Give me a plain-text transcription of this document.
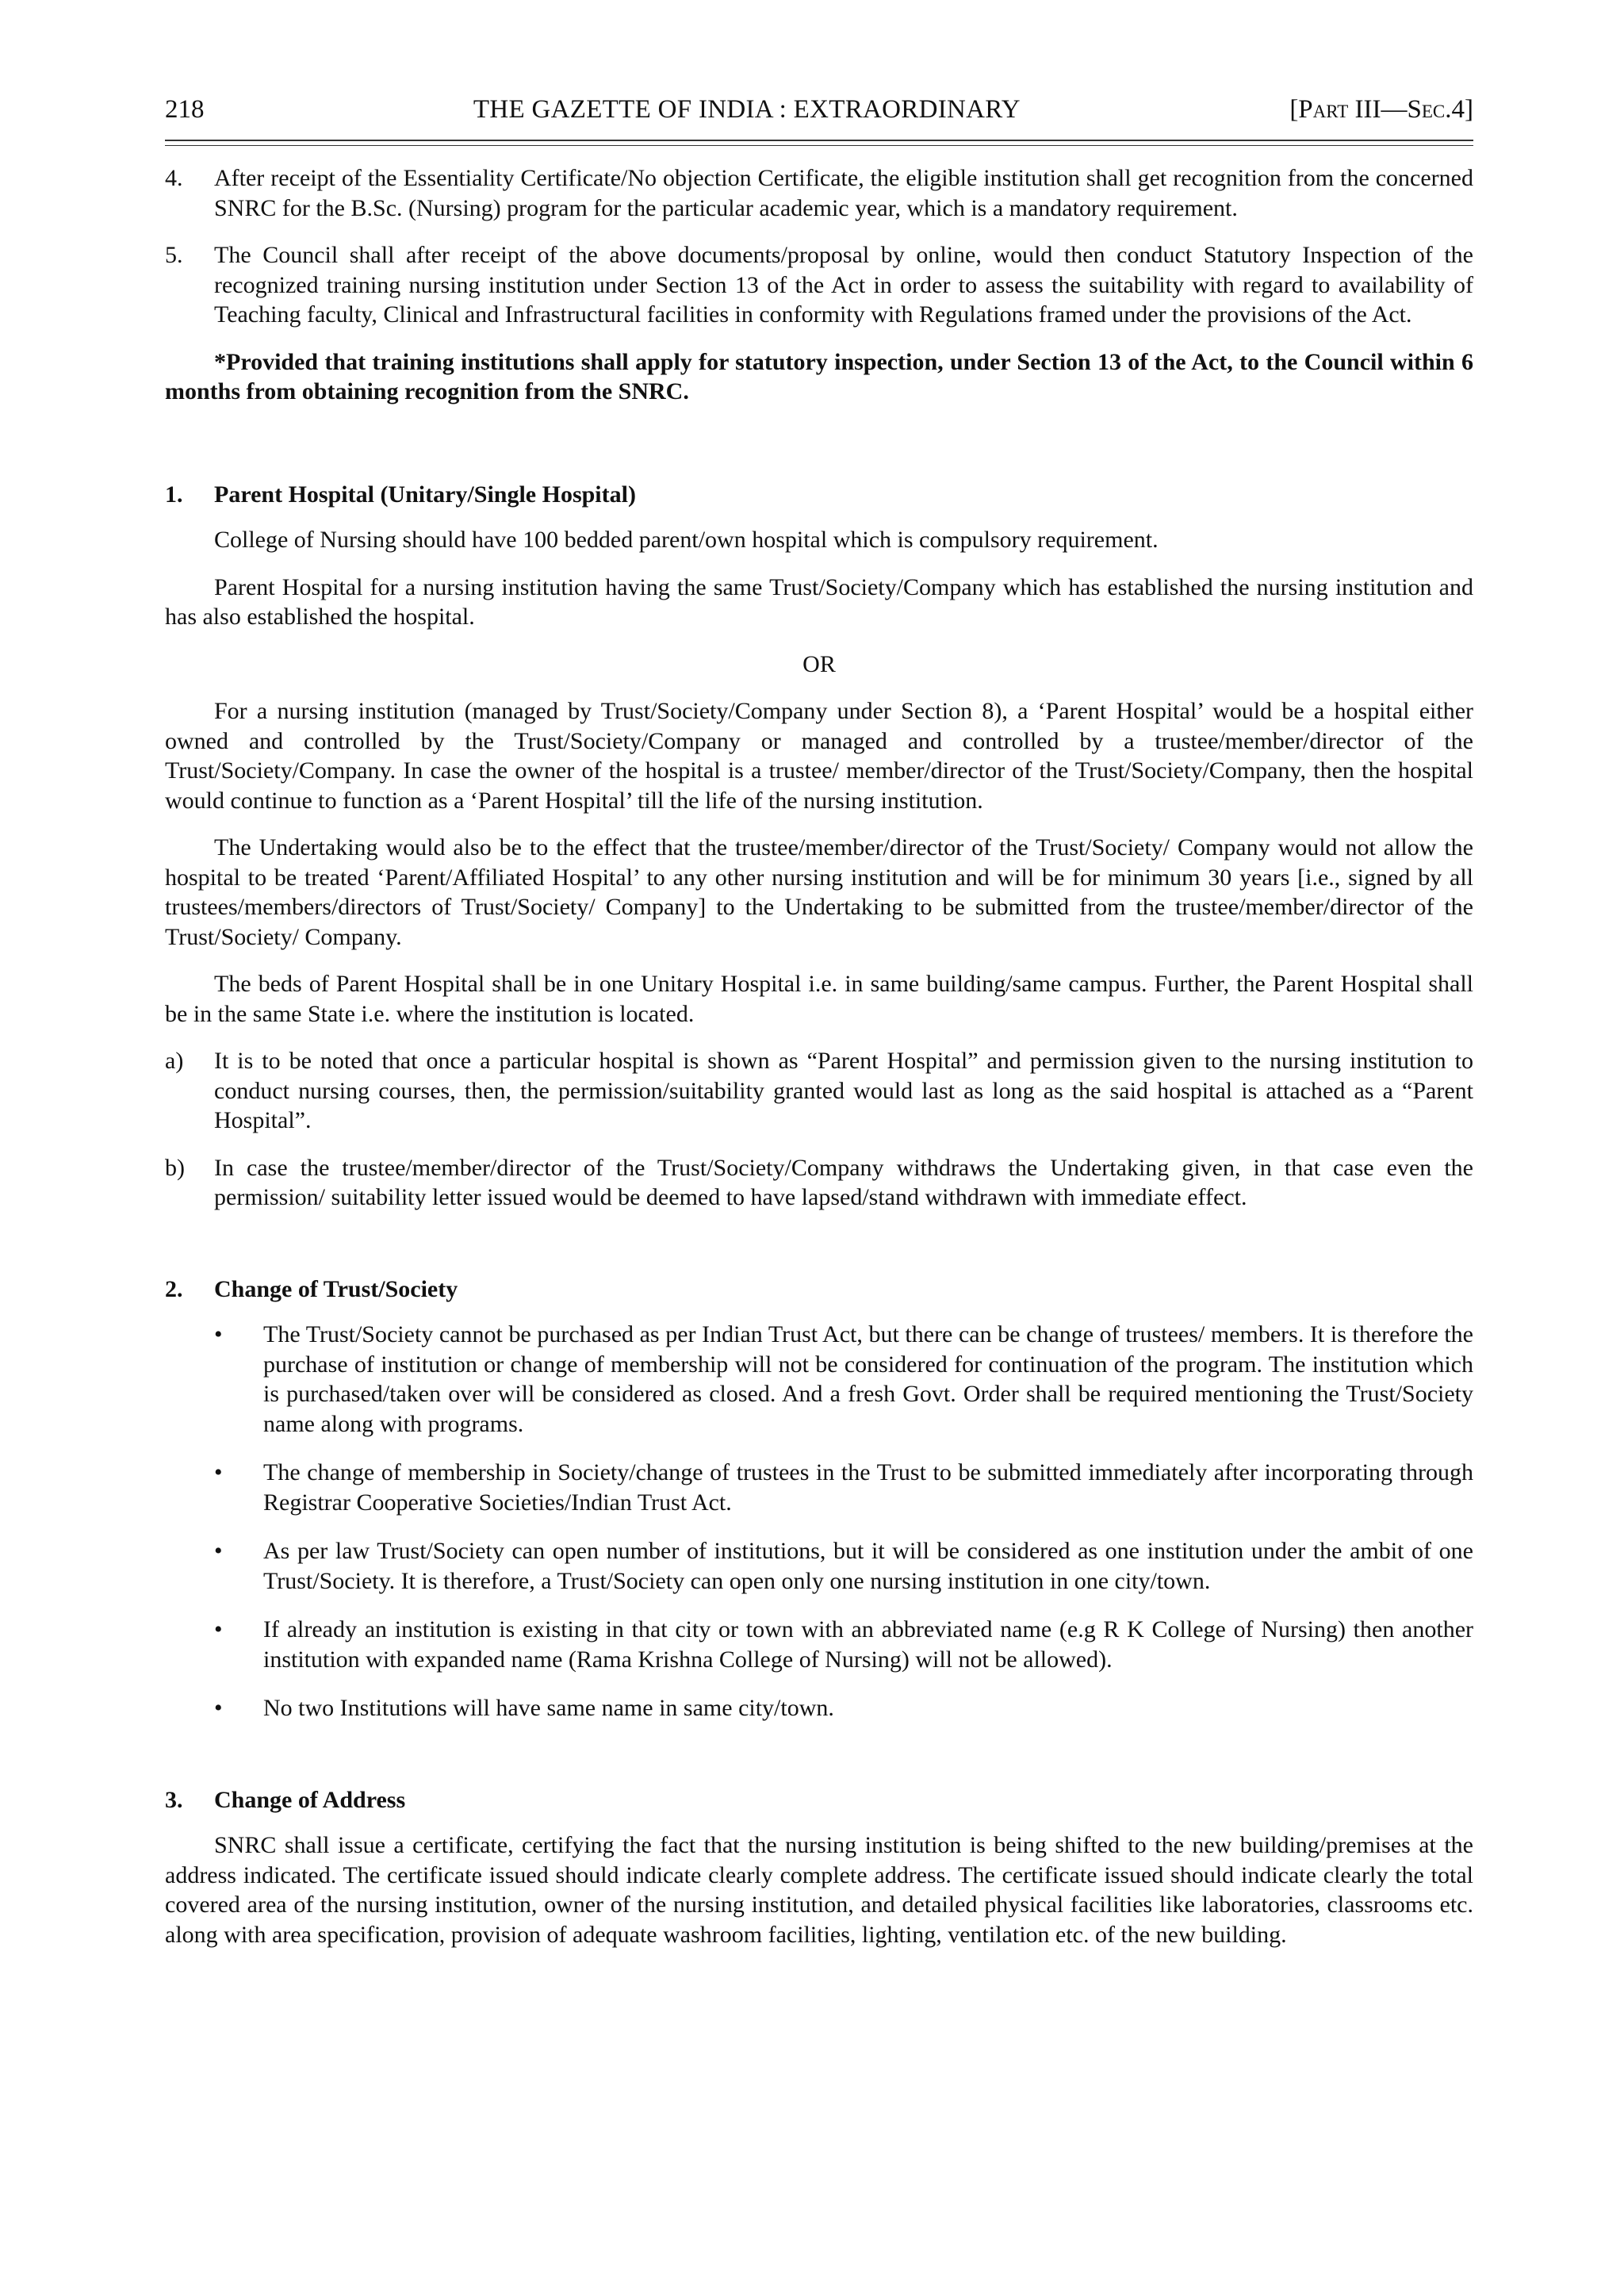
218	THE GAZETTE OF INDIA : EXTRAORDINARY	[Part III—Sec.4]
4.	After receipt of the Essentiality Certificate/No objection Certificate, the eligible institution shall get recognition from the concerned SNRC for the B.Sc. (Nursing) program for the particular academic year, which is a mandatory requirement.
5.	The Council shall after receipt of the above documents/proposal by online, would then conduct Statutory Inspection of the recognized training nursing institution under Section 13 of the Act in order to assess the suitability with regard to availability of Teaching faculty, Clinical and Infrastructural facilities in conformity with Regulations framed under the provisions of the Act.

*Provided that training institutions shall apply for statutory inspection, under Section 13 of the Act, to the Council within 6 months from obtaining recognition from the SNRC.

1.	Parent Hospital (Unitary/Single Hospital)

College of Nursing should have 100 bedded parent/own hospital which is compulsory requirement.

Parent Hospital for a nursing institution having the same Trust/Society/Company which has established the nursing institution and has also established the hospital.

OR

For a nursing institution (managed by Trust/Society/Company under Section 8), a ‘Parent Hospital’ would be a hospital either owned and controlled by the Trust/Society/Company or managed and controlled by a trustee/member/director of the Trust/Society/Company. In case the owner of the hospital is a trustee/ member/director of the Trust/Society/Company, then the hospital would continue to function as a ‘Parent Hospital’ till the life of the nursing institution.

The Undertaking would also be to the effect that the trustee/member/director of the Trust/Society/ Company would not allow the hospital to be treated ‘Parent/Affiliated Hospital’ to any other nursing institution and will be for minimum 30 years [i.e., signed by all trustees/members/directors of Trust/Society/ Company] to the Undertaking to be submitted from the trustee/member/director of the Trust/Society/ Company.

The beds of Parent Hospital shall be in one Unitary Hospital i.e. in same building/same campus. Further, the Parent Hospital shall be in the same State i.e. where the institution is located.

a)	It is to be noted that once a particular hospital is shown as “Parent Hospital” and permission given to the nursing institution to conduct nursing courses, then, the permission/suitability granted would last as long as the said hospital is attached as a “Parent Hospital”.
b)	In case the trustee/member/director of the Trust/Society/Company withdraws the Undertaking given, in that case even the permission/ suitability letter issued would be deemed to have lapsed/stand withdrawn with immediate effect.
2.	Change of Trust/Society
•	The Trust/Society cannot be purchased as per Indian Trust Act, but there can be change of trustees/ members. It is therefore the purchase of institution or change of membership will not be considered for continuation of the program. The institution which is purchased/taken over will be considered as closed. And a fresh Govt. Order shall be required mentioning the Trust/Society name along with programs.
•	The change of membership in Society/change of trustees in the Trust to be submitted immediately after incorporating through Registrar Cooperative Societies/Indian Trust Act.
•	As per law Trust/Society can open number of institutions, but it will be considered as one institution under the ambit of one Trust/Society. It is therefore, a Trust/Society can open only one nursing institution in one city/town.
•	If already an institution is existing in that city or town with an abbreviated name (e.g R K College of Nursing) then another institution with expanded name (Rama Krishna College of Nursing) will not be allowed).
•	No two Institutions will have same name in same city/town.
3.	Change of Address

SNRC shall issue a certificate, certifying the fact that the nursing institution is being shifted to the new building/premises at the address indicated. The certificate issued should indicate clearly complete address. The certificate issued should indicate clearly the total covered area of the nursing institution, owner of the nursing institution, and detailed physical facilities like laboratories, classrooms etc. along with area specification, provision of adequate washroom facilities, lighting, ventilation etc. of the new building.
